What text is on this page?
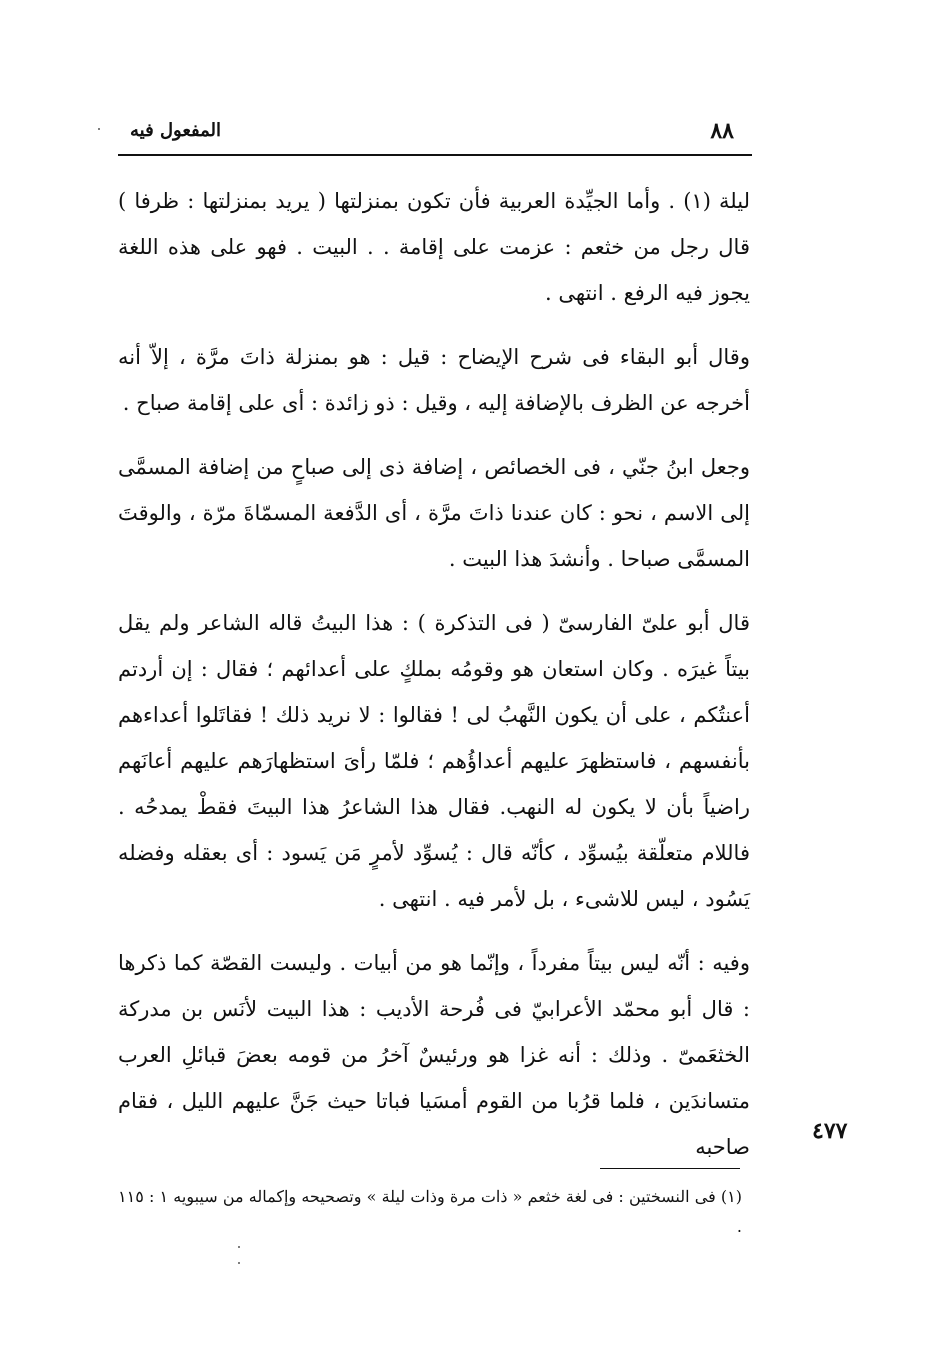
٨٨
المفعول فيه

ليلة (١) . وأما الجيِّدة العربية فأن تكون بمنزلتها ( يريد بمنزلتها : ظرفا ) قال رجل من خثعم : عزمت على إقامة . . البيت . فهو على هذه اللغة يجوز فيه الرفع . انتهى .

وقال أبو البقاء فى شرح الإيضاح : قيل : هو بمنزلة ذاتَ مرَّة ، إلاّ أنه أخرجه عن الظرف بالإضافة إليه ، وقيل : ذو زائدة : أى على إقامة صباح .

وجعل ابنُ جنّي ، فى الخصائص ، إضافة ذى إلى صباحٍ من إضافة المسمَّى إلى الاسم ، نحو : كان عندنا ذاتَ مرَّة ، أى الدَّفعة المسمّاةَ مرّة ، والوقتَ المسمَّى صباحا . وأنشدَ هذا البيت .

قال أبو علىّ الفارسىّ ( فى التذكرة ) : هذا البيتُ قاله الشاعر ولم يقل بيتاً غيرَه . وكان استعان هو وقومُه بملكٍ على أعدائهم ؛ فقال : إن أردتم أعنتُكم ، على أن يكون النَّهبُ لى ! فقالوا : لا نريد ذلك ! فقاتَلوا أعداءهم بأنفسهم ، فاستظهرَ عليهم أعداؤُهم ؛ فلمّا رأىَ استظهارَهم عليهم أعانَهم راضياً بأن لا يكون له النهب. فقال هذا الشاعرُ هذا البيتَ فقطْ يمدحُه . فاللام متعلّقة بيُسوِّد ، كأنّه قال : يُسوِّد لأمرٍ مَن يَسود : أى بعقله وفضله يَسُود ، ليس للاشىء ، بل لأمر فيه . انتهى .

وفيه : أنّه ليس بيتاً مفرداً ، وإنّما هو من أبيات . وليست القصّة كما ذكرها : قال أبو محمّد الأعرابيّ فى فُرحة الأديب : هذا البيت لأنَس بن مدركة الخثعَمىّ . وذلك : أنه غزا هو ورئيسٌ آخرُ من قومه بعضَ قبائلِ العرب متساندَين ، فلما قرُبا من القوم أمسَيا فباتا حيث جَنَّ عليهم الليل ، فقام صاحبه

٤٧٧
(١) فى النسختين : فى لغة خثعم « ذات مرة وذات ليلة » وتصحيحه وإكماله من سيبويه ١ : ١١٥ .
